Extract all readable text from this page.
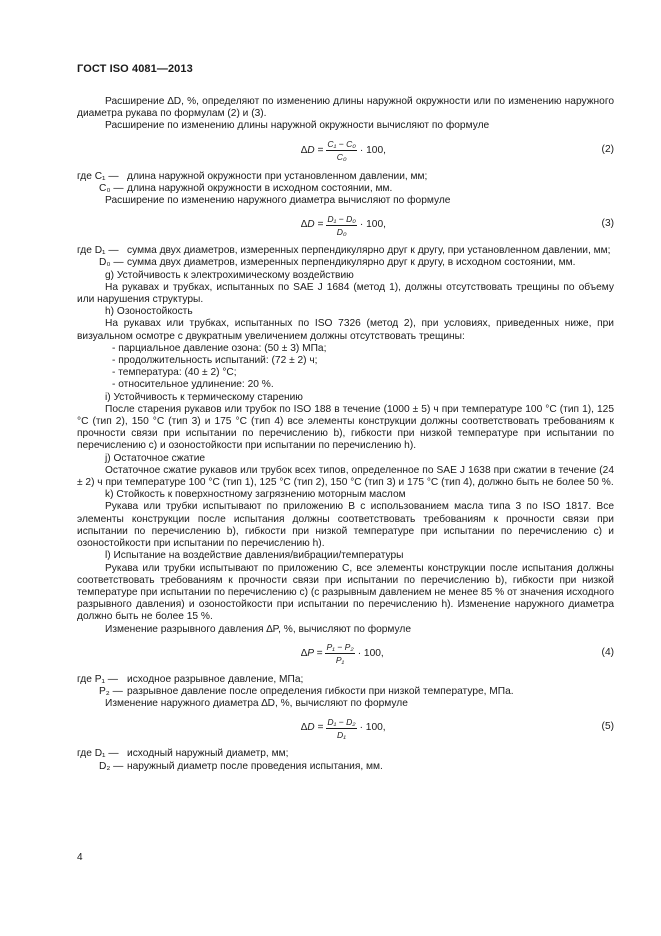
ГОСТ ISO 4081—2013

Расширение ∆D, %, определяют по изменению длины наружной окружности или по изменению наружного диаметра рукава по формулам (2) и (3).

Расширение по изменению длины наружной окружности вычисляют по формуле

$\Delta D = \frac{\text{C₁ − C₀}}{\text{C₀}} \cdot 100$,	(2)
где C₁ — длина наружной окружности при установленном давлении, мм;
C₀ — длина наружной окружности в исходном состоянии, мм.

Расширение по изменению наружного диаметра вычисляют по формуле

$\Delta D = \frac{\text{D₁ − D₀}}{\text{D₀}} \cdot 100$,	(3)
где D₁ — сумма двух диаметров, измеренных перпендикулярно друг к другу, при установленном давлении, мм;
D₀ — сумма двух диаметров, измеренных перпендикулярно друг к другу, в исходном состоянии, мм.

g) Устойчивость к электрохимическому воздействию

На рукавах и трубках, испытанных по SAE J 1684 (метод 1), должны отсутствовать трещины по объему или нарушения структуры.

h) Озоностойкость

На рукавах или трубках, испытанных по ISO 7326 (метод 2), при условиях, приведенных ниже, при визуальном осмотре с двукратным увеличением должны отсутствовать трещины:

- парциальное давление озона: (50 ± 3) МПа;

- продолжительность испытаний: (72 ± 2) ч;

- температура: (40 ± 2) °С;

- относительное удлинение: 20 %.

i) Устойчивость к термическому старению

После старения рукавов или трубок по ISO 188 в течение (1000 ± 5) ч при температуре 100 °С (тип 1), 125 °С (тип 2), 150 °С (тип 3) и 175 °С (тип 4) все элементы конструкции должны соответствовать требованиям к прочности связи при испытании по перечислению b), гибкости при низкой температуре при испытании по перечислению с) и озоностойкости при испытании по перечислению h).

j) Остаточное сжатие

Остаточное сжатие рукавов или трубок всех типов, определенное по SAE J 1638 при сжатии в течение (24 ± 2) ч при температуре 100 °С (тип 1), 125 °С (тип 2), 150 °С (тип 3) и 175 °С (тип 4), должно быть не более 50 %.

k) Стойкость к поверхностному загрязнению моторным маслом

Рукава или трубки испытывают по приложению В с использованием масла типа 3 по ISO 1817. Все элементы конструкции после испытания должны соответствовать требованиям к прочности связи при испытании по перечислению b), гибкости при низкой температуре при испытании по перечислению с) и озоностойкости при испытании по перечислению h).

l) Испытание на воздействие давления/вибрации/температуры

Рукава или трубки испытывают по приложению С, все элементы конструкции после испытания должны соответствовать требованиям к прочности связи при испытании по перечислению b), гибкости при низкой температуре при испытании по перечислению с) (с разрывным давлением не менее 85 % от значения исходного разрывного давления) и озоностойкости при испытании по перечислению h). Изменение наружного диаметра должно быть не более 15 %.

Изменение разрывного давления ∆P, %, вычисляют по формуле

$\Delta P = \frac{\text{P₁ − P₂}}{\text{P₁}} \cdot 100$,	(4)
где P₁ — исходное разрывное давление, МПа;
P₂ — разрывное давление после определения гибкости при низкой температуре, МПа.

Изменение наружного диаметра ∆D, %, вычисляют по формуле

$\Delta D = \frac{\text{D₁ − D₂}}{\text{D₁}} \cdot 100$,	(5)
где D₁ — исходный наружный диаметр, мм;
D₂ — наружный диаметр после проведения испытания, мм.
4
